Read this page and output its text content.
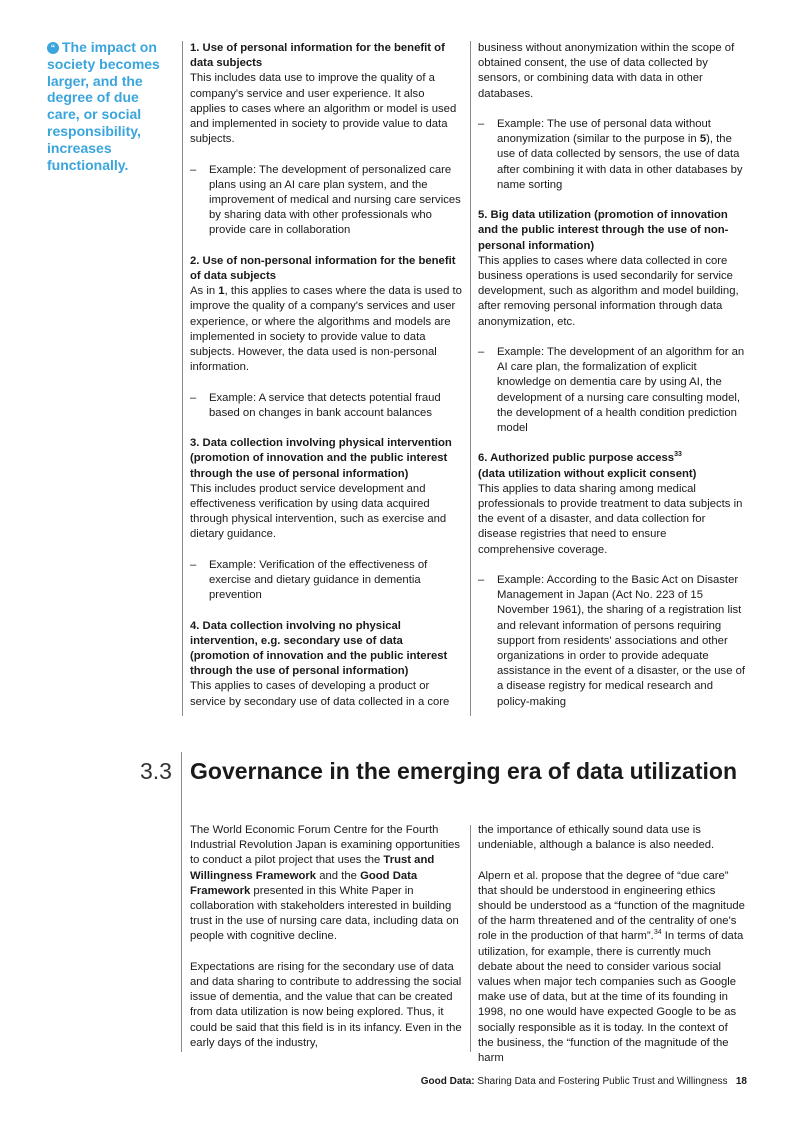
“ The impact on society becomes larger, and the degree of due care, or social responsibility, increases functionally.

1. Use of personal information for the benefit of data subjects

This includes data use to improve the quality of a company's service and user experience. It also applies to cases where an algorithm or model is used and implemented in society to provide value to data subjects.

– Example: The development of personalized care plans using an AI care plan system, and the improvement of medical and nursing care services by sharing data with other professionals who provide care in collaboration

2. Use of non-personal information for the benefit of data subjects

As in 1, this applies to cases where the data is used to improve the quality of a company's services and user experience, or where the algorithms and models are implemented in society to provide value to data subjects. However, the data used is non-personal information.

– Example: A service that detects potential fraud based on changes in bank account balances

3. Data collection involving physical intervention (promotion of innovation and the public interest through the use of personal information)

This includes product service development and effectiveness verification by using data acquired through physical intervention, such as exercise and dietary guidance.

– Example: Verification of the effectiveness of exercise and dietary guidance in dementia prevention

4. Data collection involving no physical intervention, e.g. secondary use of data (promotion of innovation and the public interest through the use of personal information)

This applies to cases of developing a product or service by secondary use of data collected in a core

business without anonymization within the scope of obtained consent, the use of data collected by sensors, or combining data with data in other databases.

– Example: The use of personal data without anonymization (similar to the purpose in 5), the use of data collected by sensors, the use of data after combining it with data in other databases by name sorting

5. Big data utilization (promotion of innovation and the public interest through the use of non-personal information)

This applies to cases where data collected in core business operations is used secondarily for service development, such as algorithm and model building, after removing personal information through data anonymization, etc.

– Example: The development of an algorithm for an AI care plan, the formalization of explicit knowledge on dementia care by using AI, the development of a nursing care consulting model, the development of a health condition prediction model

6. Authorized public purpose access$^{33}$
(data utilization without explicit consent)

This applies to data sharing among medical professionals to provide treatment to data subjects in the event of a disaster, and data collection for disease registries that need to ensure comprehensive coverage.

– Example: According to the Basic Act on Disaster Management in Japan (Act No. 223 of 15 November 1961), the sharing of a registration list and relevant information of persons requiring support from residents' associations and other organizations in order to provide adequate assistance in the event of a disaster, or the use of a disease registry for medical research and policy-making

3.3 Governance in the emerging era of data utilization

The World Economic Forum Centre for the Fourth Industrial Revolution Japan is examining opportunities to conduct a pilot project that uses the Trust and Willingness Framework and the Good Data Framework presented in this White Paper in collaboration with stakeholders interested in building trust in the use of nursing care data, including data on people with cognitive decline.

Expectations are rising for the secondary use of data and data sharing to contribute to addressing the social issue of dementia, and the value that can be created from data utilization is now being explored. Thus, it could be said that this field is in its infancy. Even in the early days of the industry,

the importance of ethically sound data use is undeniable, although a balance is also needed.

Alpern et al. propose that the degree of “due care” that should be understood in engineering ethics should be understood as a “function of the magnitude of the harm threatened and of the centrality of one's role in the production of that harm”.$^{34}$ In terms of data utilization, for example, there is currently much debate about the need to consider various social values when major tech companies such as Google make use of data, but at the time of its founding in 1998, no one would have expected Google to be as socially responsible as it is today. In the context of the business, the “function of the magnitude of the harm

Good Data: Sharing Data and Fostering Public Trust and Willingness 18
